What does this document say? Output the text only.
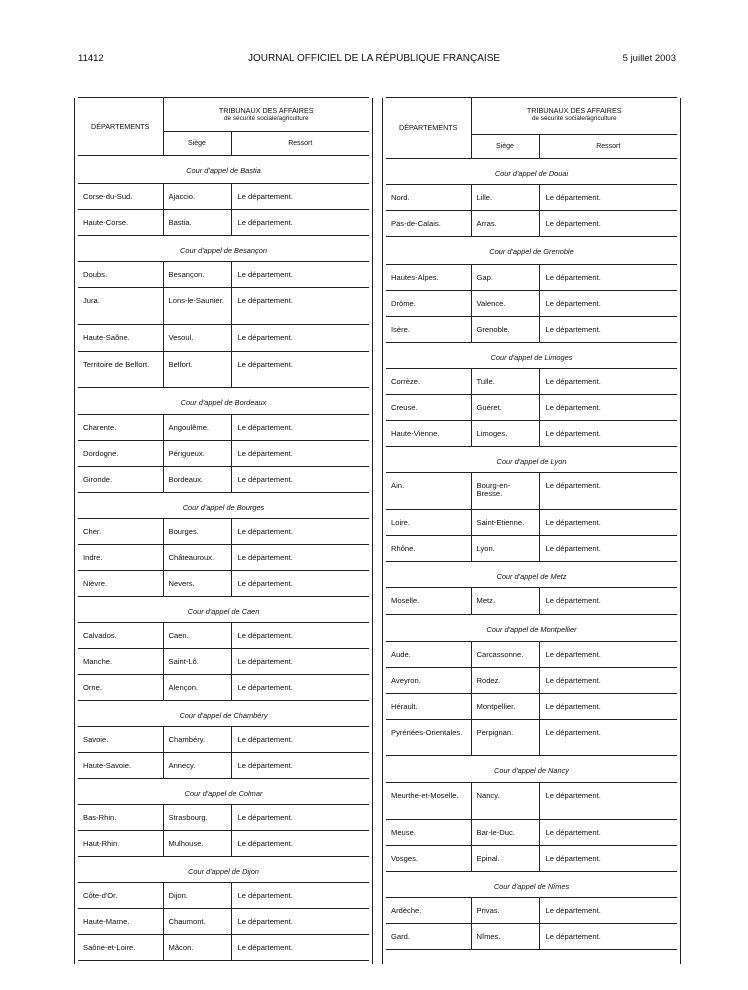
11412	JOURNAL OFFICIEL DE LA RÉPUBLIQUE FRANÇAISE	5 juillet 2003
DÉPARTEMENTS	TRIBUNAUX DES AFFAIRES
de sécurité sociale/agriculture	

	Siège	Ressort
Cour d'appel de Bastia		
Corse-du-Sud.	Ajaccio.	Le département.
Haute-Corse.	Bastia.	Le département.
Cour d'appel de Besançon		
Doubs.	Besançon.	Le département.
Jura.	Lons-le-Saunier.	Le département.
Haute-Saône.	Vesoul.	Le département.
Territoire de Belfort.	Belfort.	Le département.
Cour d'appel de Bordeaux		
Charente.	Angoulême.	Le département.
Dordogne.	Périgueux.	Le département.
Gironde.	Bordeaux.	Le département.
Cour d'appel de Bourges		
Cher.	Bourges.	Le département.
Indre.	Châteauroux.	Le département.
Nièvre.	Nevers.	Le département.
Cour d'appel de Caen		
Calvados.	Caen.	Le département.
Manche.	Saint-Lô.	Le département.
Orne.	Alençon.	Le département.
Cour d'appel de Chambéry		
Savoie.	Chambéry.	Le département.
Haute-Savoie.	Annecy.	Le département.
Cour d'appel de Colmar		
Bas-Rhin.	Strasbourg.	Le département.
Haut-Rhin.	Mulhouse.	Le département.
Cour d'appel de Dijon		
Côte-d'Or.	Dijon.	Le département.
Haute-Marne.	Chaumont.	Le département.
Saône-et-Loire.	Mâcon.	Le département.
DÉPARTEMENTS	TRIBUNAUX DES AFFAIRES
de sécurité sociale/agriculture	

	Siège	Ressort
Cour d'appel de Douai		
Nord.	Lille.	Le département.
Pas-de-Calais.	Arras.	Le département.
Cour d'appel de Grenoble		
Hautes-Alpes.	Gap.	Le département.
Drôme.	Valence.	Le département.
Isère.	Grenoble.	Le département.
Cour d'appel de Limoges		
Corrèze.	Tulle.	Le département.
Creuse.	Guéret.	Le département.
Haute-Vienne.	Limoges.	Le département.
Cour d'appel de Lyon		
Ain.	Bourg-en-Bresse.	Le département.
Loire.	Saint-Etienne.	Le département.
Rhône.	Lyon.	Le département.
Cour d'appel de Metz		
Moselle.	Metz.	Le département.
Cour d'appel de Montpellier		
Aude.	Carcassonne.	Le département.
Aveyron.	Rodez.	Le département.
Hérault.	Montpellier.	Le département.
Pyrénées-Orientales.	Perpignan.	Le département.
Cour d'appel de Nancy		
Meurthe-et-Moselle.	Nancy.	Le département.
Meuse.	Bar-le-Duc.	Le département.
Vosges.	Epinal.	Le département.
Cour d'appel de Nîmes		
Ardèche.	Privas.	Le département.
Gard.	Nîmes.	Le département.
